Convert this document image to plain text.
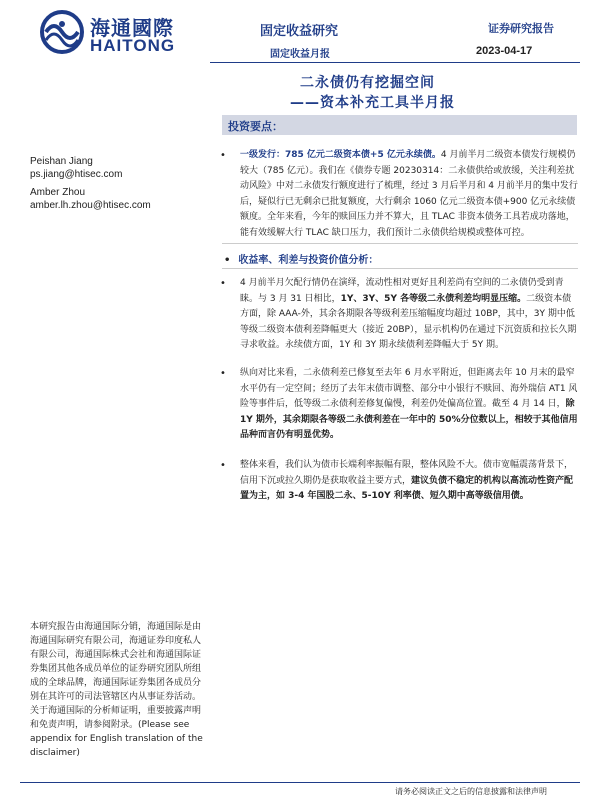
海通國際
HAITONG
固定收益研究
固定收益月报
证券研究报告
2023-04-17
二永债仍有挖掘空间
——资本补充工具半月报
投资要点：
Peishan Jiang
ps.jiang@htisec.com
Amber Zhou
amber.lh.zhou@htisec.com
• 一级发行：785 亿元二级资本债+5 亿元永续债。4 月前半月二级资本债发行规模仍较大（785 亿元）。我们在《债券专题 20230314：二永债供给或放缓，关注利差扰动风险》中对二永债发行额度进行了梳理，经过 3 月后半月和 4 月前半月的集中发行后，疑似行已无剩余已批复额度，大行剩余 1060 亿元二级资本债+900 亿元永续债额度。全年来看，今年的赎回压力并不算大，且 TLAC 非资本债务工具若成功落地，能有效缓解大行 TLAC 缺口压力，我们预计二永债供给规模或整体可控。

• 收益率、利差与投资价值分析：
• 4 月前半月欠配行情仍在演绎，流动性相对更好且利差尚有空间的二永债仍受到青睐。与 3 月 31 日相比，1Y、3Y、5Y 各等级二永债利差均明显压缩。二级资本债方面，除 AAA-外，其余各期限各等级利差压缩幅度均超过 10BP，其中，3Y 期中低等级二级资本债利差降幅更大（接近 20BP），显示机构仍在通过下沉资质和拉长久期寻求收益。永续债方面，1Y 和 3Y 期永续债利差降幅大于 5Y 期。

• 纵向对比来看，二永债利差已修复至去年 6 月水平附近，但距离去年 10 月末的最窄水平仍有一定空间；经历了去年末债市调整、部分中小银行不赎回、海外瑞信 AT1 风险等事件后，低等级二永债利差修复偏慢，利差仍处偏高位置。截至 4 月 14 日，除 1Y 期外，其余期限各等级二永债利差在一年中的 50%分位数以上，相较于其他信用品种而言仍有明显优势。

• 整体来看，我们认为债市长端利率振幅有限，整体风险不大。债市宽幅震荡背景下，信用下沉或拉久期仍是获取收益主要方式，建议负债不稳定的机构以高流动性资产配置为主，如 3-4 年国股二永、5-10Y 利率债、短久期中高等级信用债。

本研究报告由海通国际分销，海通国际是由海通国际研究有限公司，海通证券印度私人有限公司，海通国际株式会社和海通国际证券集团其他各成员单位的证券研究团队所组成的全球品牌，海通国际证券集团各成员分别在其许可的司法管辖区内从事证券活动。关于海通国际的分析师证明，重要披露声明和免责声明，请参阅附录。(Please see appendix for English translation of the disclaimer)
请务必阅读正文之后的信息披露和法律声明
